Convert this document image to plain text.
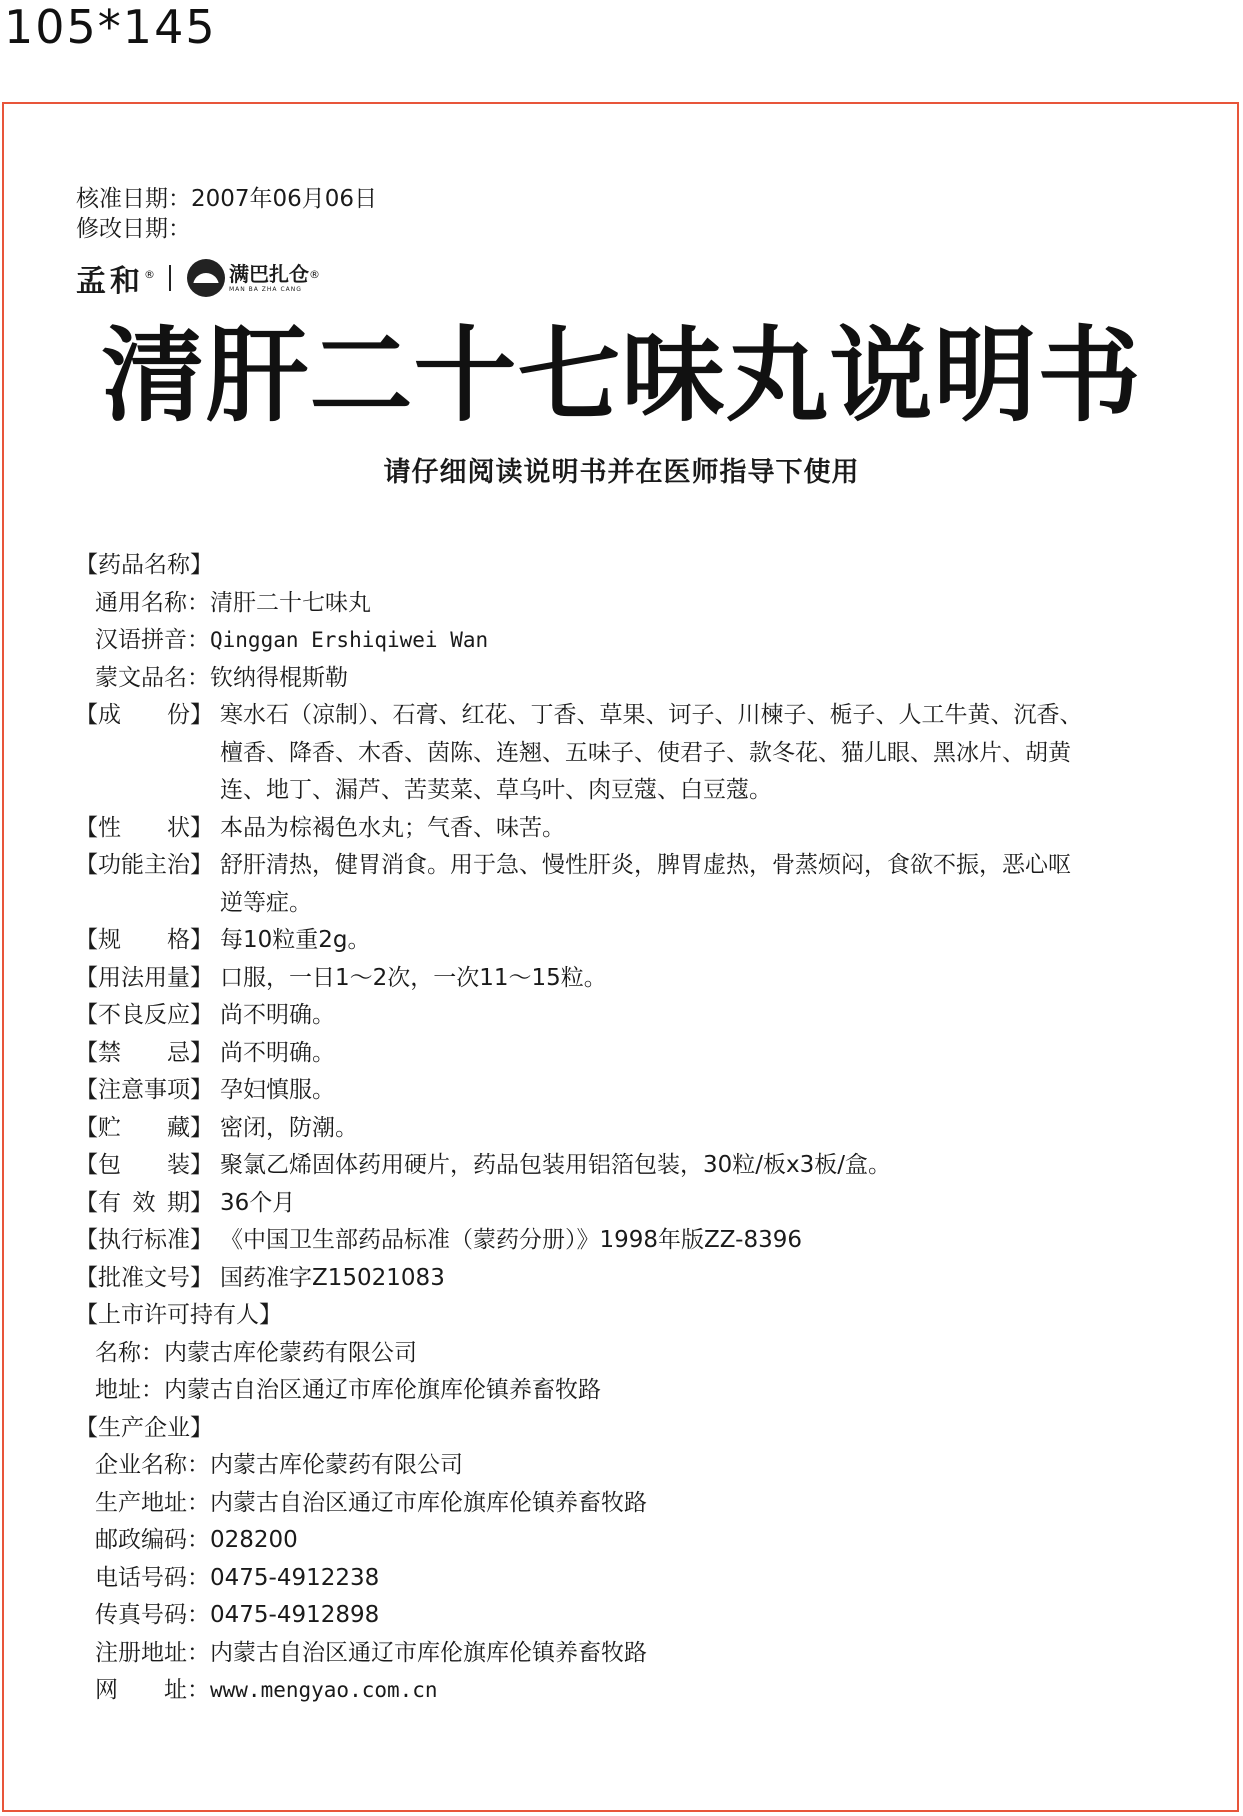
105*145
核准日期：2007年06月06日
修改日期：
孟和 ®	满巴扎仓
MAN BA ZHA CANG
®
清肝二十七味丸说明书
请仔细阅读说明书并在医师指导下使用
【药品名称】
通用名称：清肝二十七味丸
汉语拼音：Qinggan Ershiqiwei Wan
蒙文品名：钦纳得棍斯勒
【成份】 寒水石（凉制）、石膏、红花、丁香、草果、诃子、川楝子、栀子、人工牛黄、沉香、
檀香、降香、木香、茵陈、连翘、五味子、使君子、款冬花、猫儿眼、黑冰片、胡黄
连、地丁、漏芦、苦荬菜、草乌叶、肉豆蔻、白豆蔻。
【性状】 本品为棕褐色水丸；气香、味苦。
【功能主治】 舒肝清热，健胃消食。用于急、慢性肝炎，脾胃虚热，骨蒸烦闷，食欲不振，恶心呕
逆等症。
【规格】 每10粒重2g。
【用法用量】 口服，一日1～2次，一次11～15粒。
【不良反应】 尚不明确。
【禁忌】 尚不明确。
【注意事项】 孕妇慎服。
【贮藏】 密闭，防潮。
【包装】 聚氯乙烯固体药用硬片，药品包装用铝箔包装，30粒/板x3板/盒。
【有效期】 36个月
【执行标准】 《中国卫生部药品标准（蒙药分册）》1998年版ZZ-8396
【批准文号】 国药准字Z15021083
【上市许可持有人】
名称：内蒙古库伦蒙药有限公司
地址：内蒙古自治区通辽市库伦旗库伦镇养畜牧路
【生产企业】
企业名称：内蒙古库伦蒙药有限公司
生产地址：内蒙古自治区通辽市库伦旗库伦镇养畜牧路
邮政编码：028200
电话号码：0475-4912238
传真号码：0475-4912898
注册地址：内蒙古自治区通辽市库伦旗库伦镇养畜牧路
网址：www.mengyao.com.cn
